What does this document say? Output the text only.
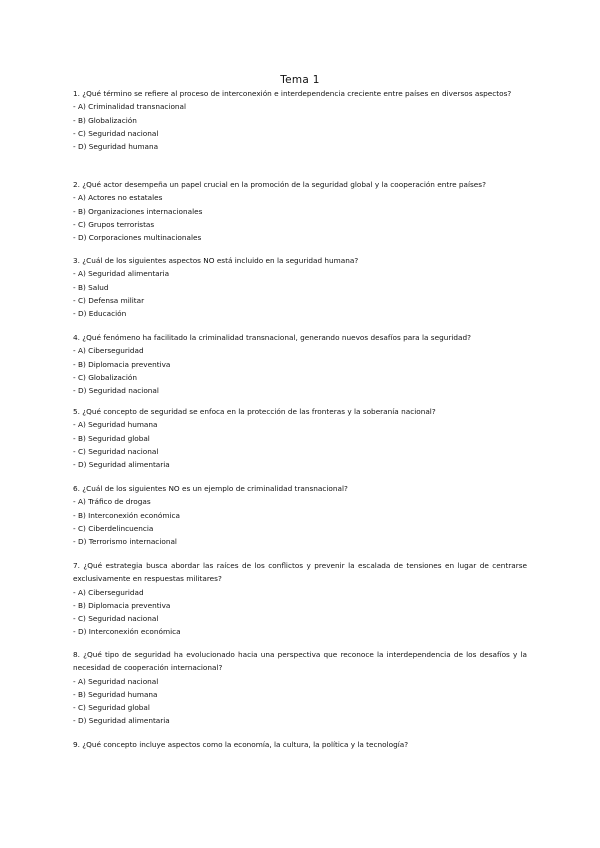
Tema 1

1. ¿Qué término se refiere al proceso de interconexión e interdependencia creciente entre países en diversos aspectos?

- A) Criminalidad transnacional

- B) Globalización

- C) Seguridad nacional

- D) Seguridad humana

2. ¿Qué actor desempeña un papel crucial en la promoción de la seguridad global y la cooperación entre países?

- A) Actores no estatales

- B) Organizaciones internacionales

- C) Grupos terroristas

- D) Corporaciones multinacionales

3. ¿Cuál de los siguientes aspectos NO está incluido en la seguridad humana?

- A) Seguridad alimentaria

- B) Salud

- C) Defensa militar

- D) Educación

4. ¿Qué fenómeno ha facilitado la criminalidad transnacional, generando nuevos desafíos para la seguridad?

- A) Ciberseguridad

- B) Diplomacia preventiva

- C) Globalización

- D) Seguridad nacional

5. ¿Qué concepto de seguridad se enfoca en la protección de las fronteras y la soberanía nacional?

- A) Seguridad humana

- B) Seguridad global

- C) Seguridad nacional

- D) Seguridad alimentaria

6. ¿Cuál de los siguientes NO es un ejemplo de criminalidad transnacional?

- A) Tráfico de drogas

- B) Interconexión económica

- C) Ciberdelincuencia

- D) Terrorismo internacional

7. ¿Qué estrategia busca abordar las raíces de los conflictos y prevenir la escalada de tensiones en lugar de centrarse exclusivamente en respuestas militares?

- A) Ciberseguridad

- B) Diplomacia preventiva

- C) Seguridad nacional

- D) Interconexión económica

8. ¿Qué tipo de seguridad ha evolucionado hacia una perspectiva que reconoce la interdependencia de los desafíos y la necesidad de cooperación internacional?

- A) Seguridad nacional

- B) Seguridad humana

- C) Seguridad global

- D) Seguridad alimentaria

9. ¿Qué concepto incluye aspectos como la economía, la cultura, la política y la tecnología?
